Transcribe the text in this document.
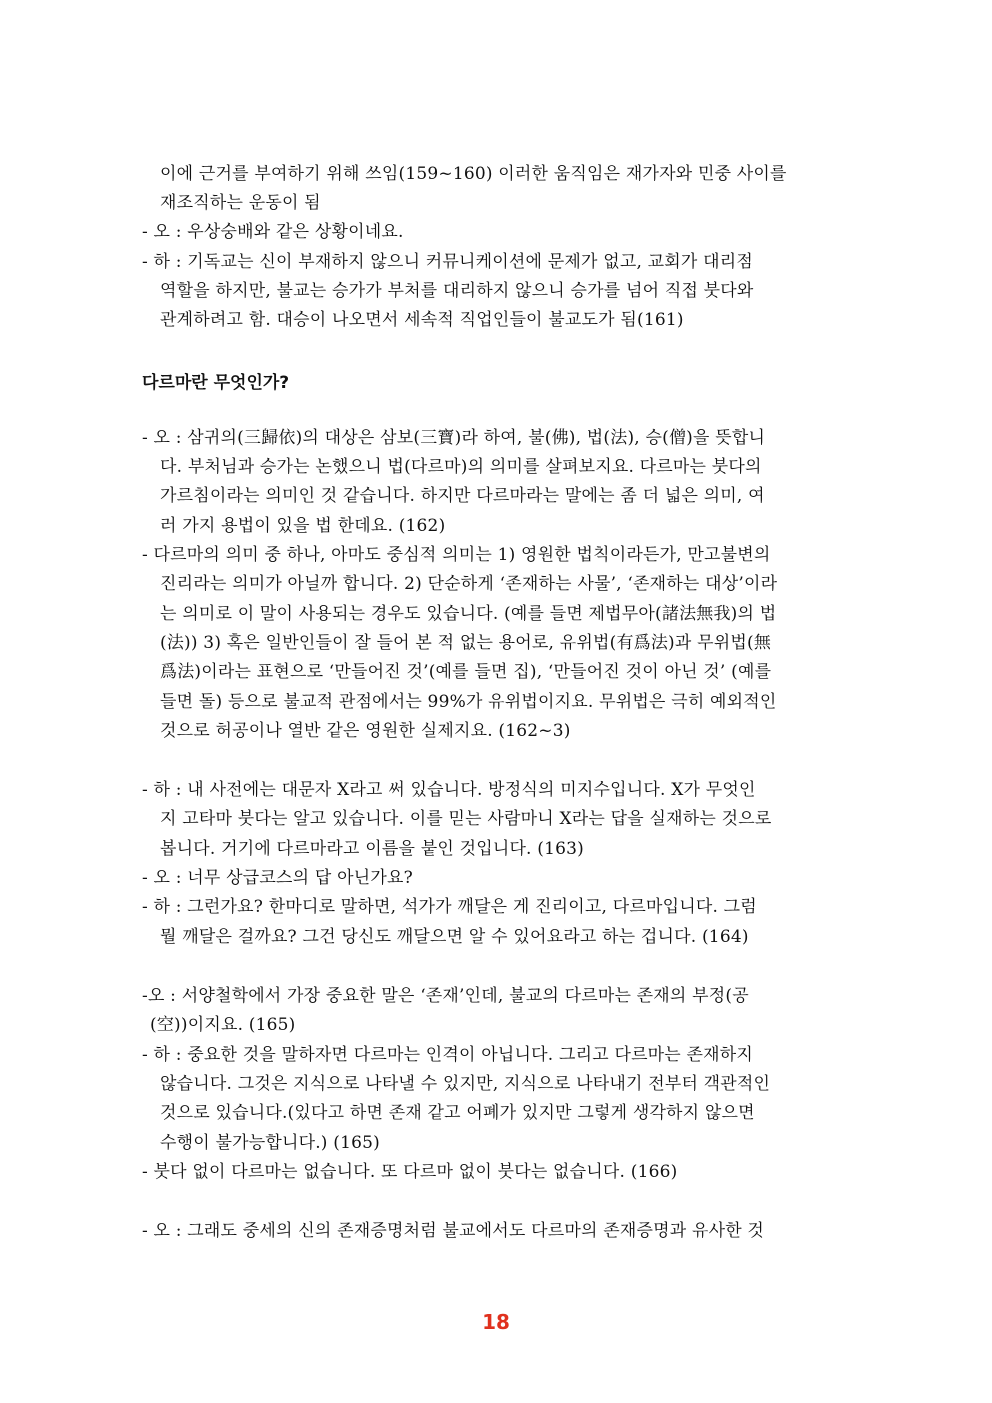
이에 근거를 부여하기 위해 쓰임(159~160) 이러한 움직임은 재가자와 민중 사이를
재조직하는 운동이 됨
- 오 : 우상숭배와 같은 상황이네요.
- 하 : 기독교는 신이 부재하지 않으니 커뮤니케이션에 문제가 없고, 교회가 대리점
역할을 하지만, 불교는 승가가 부처를 대리하지 않으니 승가를 넘어 직접 붓다와
관계하려고 함. 대승이 나오면서 세속적 직업인들이 불교도가 됨(161)
다르마란 무엇인가?
- 오 : 삼귀의(三歸依)의 대상은 삼보(三寶)라 하여, 불(佛), 법(法), 승(僧)을 뜻합니
다. 부처님과 승가는 논했으니 법(다르마)의 의미를 살펴보지요. 다르마는 붓다의
가르침이라는 의미인 것 같습니다. 하지만 다르마라는 말에는 좀 더 넓은 의미, 여
러 가지 용법이 있을 법 한데요. (162)
- 다르마의 의미 중 하나, 아마도 중심적 의미는 1) 영원한 법칙이라든가, 만고불변의
진리라는 의미가 아닐까 합니다. 2) 단순하게 ‘존재하는 사물’, ‘존재하는 대상’이라
는 의미로 이 말이 사용되는 경우도 있습니다. (예를 들면 제법무아(諸法無我)의 법
(法)) 3) 혹은 일반인들이 잘 들어 본 적 없는 용어로, 유위법(有爲法)과 무위법(無
爲法)이라는 표현으로 ‘만들어진 것’(예를 들면 집), ‘만들어진 것이 아닌 것’ (예를
들면 돌) 등으로 불교적 관점에서는 99%가 유위법이지요. 무위법은 극히 예외적인
것으로 허공이나 열반 같은 영원한 실제지요. (162~3)
- 하 : 내 사전에는 대문자 X라고 써 있습니다. 방정식의 미지수입니다. X가 무엇인
지 고타마 붓다는 알고 있습니다. 이를 믿는 사람마니 X라는 답을 실재하는 것으로
봅니다. 거기에 다르마라고 이름을 붙인 것입니다. (163)
- 오 : 너무 상급코스의 답 아닌가요?
- 하 : 그런가요? 한마디로 말하면, 석가가 깨달은 게 진리이고, 다르마입니다. 그럼
뭘 깨달은 걸까요? 그건 당신도 깨달으면 알 수 있어요라고 하는 겁니다. (164)
-오 : 서양철학에서 가장 중요한 말은 ‘존재’인데, 불교의 다르마는 존재의 부정(공
(空))이지요. (165)
- 하 : 중요한 것을 말하자면 다르마는 인격이 아닙니다. 그리고 다르마는 존재하지
않습니다. 그것은 지식으로 나타낼 수 있지만, 지식으로 나타내기 전부터 객관적인
것으로 있습니다.(있다고 하면 존재 같고 어폐가 있지만 그렇게 생각하지 않으면
수행이 불가능합니다.) (165)
- 붓다 없이 다르마는 없습니다. 또 다르마 없이 붓다는 없습니다. (166)
- 오 : 그래도 중세의 신의 존재증명처럼 불교에서도 다르마의 존재증명과 유사한 것
18
